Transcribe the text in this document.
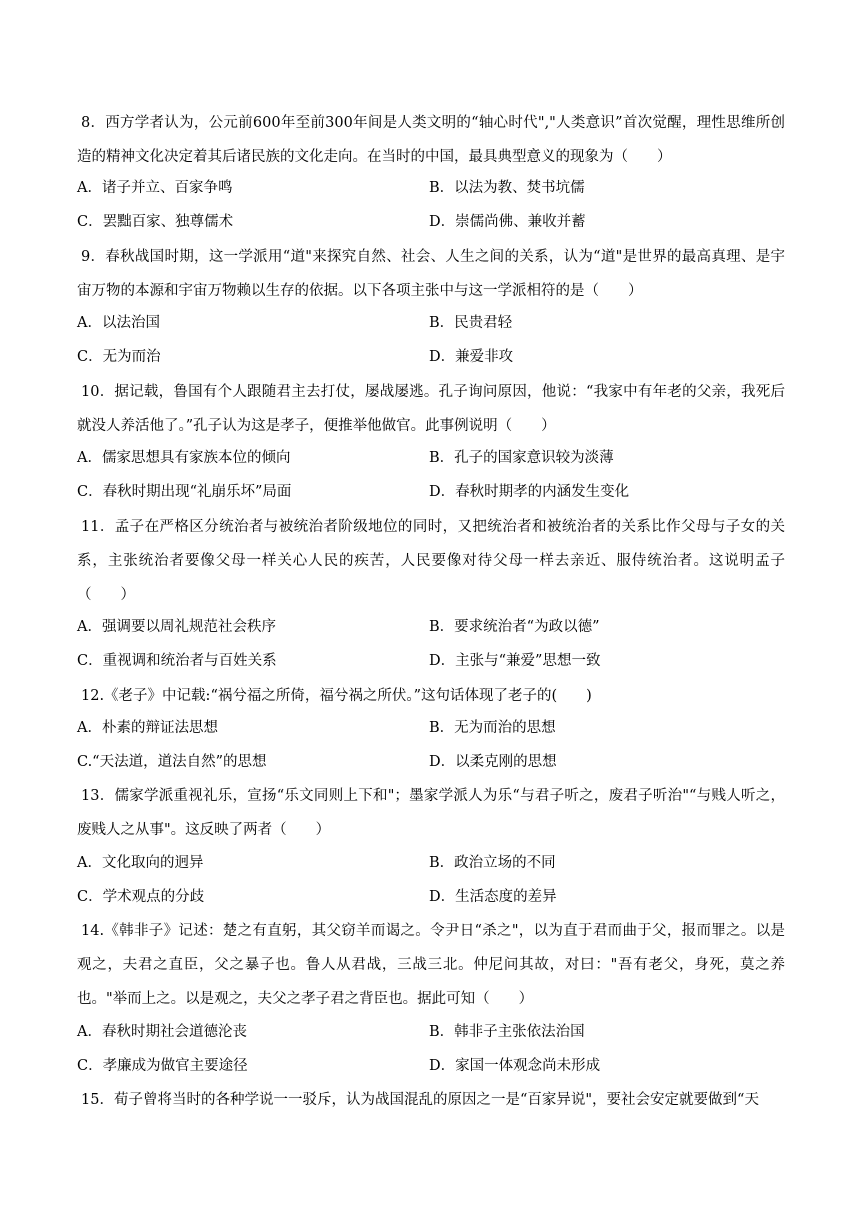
8．西方学者认为，公元前600年至前300年间是人类文明的“轴心时代","人类意识”首次觉醒，理性思维所创造的精神文化决定着其后诸民族的文化走向。在当时的中国，最具典型意义的现象为（　　）
A．诸子并立、百家争鸣	B．以法为教、焚书坑儒
C．罢黜百家、独尊儒术	D．崇儒尚佛、兼收并蓄
9．春秋战国时期，这一学派用“道"来探究自然、社会、人生之间的关系，认为“道"是世界的最高真理、是宇宙万物的本源和宇宙万物赖以生存的依据。以下各项主张中与这一学派相符的是（　　）
A．以法治国	B．民贵君轻
C．无为而治	D．兼爱非攻
10．据记载，鲁国有个人跟随君主去打仗，屡战屡逃。孔子询问原因，他说：“我家中有年老的父亲，我死后就没人养活他了。”孔子认为这是孝子，便推举他做官。此事例说明（　　）
A．儒家思想具有家族本位的倾向	B．孔子的国家意识较为淡薄
C．春秋时期出现“礼崩乐坏”局面	D．春秋时期孝的内涵发生变化
11．孟子在严格区分统治者与被统治者阶级地位的同时，又把统治者和被统治者的关系比作父母与子女的关系，主张统治者要像父母一样关心人民的疾苦，人民要像对待父母一样去亲近、服侍统治者。这说明孟子（　　）
A．强调要以周礼规范社会秩序	B．要求统治者“为政以德”
C．重视调和统治者与百姓关系	D．主张与“兼爱”思想一致
12.《老子》中记载:“祸兮福之所倚，福兮祸之所伏。”这句话体现了老子的(　　)
A．朴素的辩证法思想	B．无为而治的思想
C.“天法道，道法自然”的思想	D．以柔克刚的思想
13．儒家学派重视礼乐，宣扬“乐文同则上下和"；墨家学派人为乐“与君子听之，废君子听治"“与贱人听之，废贱人之从事"。这反映了两者（　　）
A．文化取向的迥异	B．政治立场的不同
C．学术观点的分歧	D．生活态度的差异
14.《韩非子》记述：楚之有直躬，其父窃羊而谒之。令尹日“杀之"，以为直于君而曲于父，报而罪之。以是观之，夫君之直臣，父之暴子也。鲁人从君战，三战三北。仲尼问其故，对曰："吾有老父，身死，莫之养也。"举而上之。以是观之，夫父之孝子君之背臣也。据此可知（　　）
A．春秋时期社会道德沦丧	B．韩非子主张依法治国
C．孝廉成为做官主要途径	D．家国一体观念尚未形成
15．荀子曾将当时的各种学说一一驳斥，认为战国混乱的原因之一是“百家异说"，要社会安定就要做到“天
